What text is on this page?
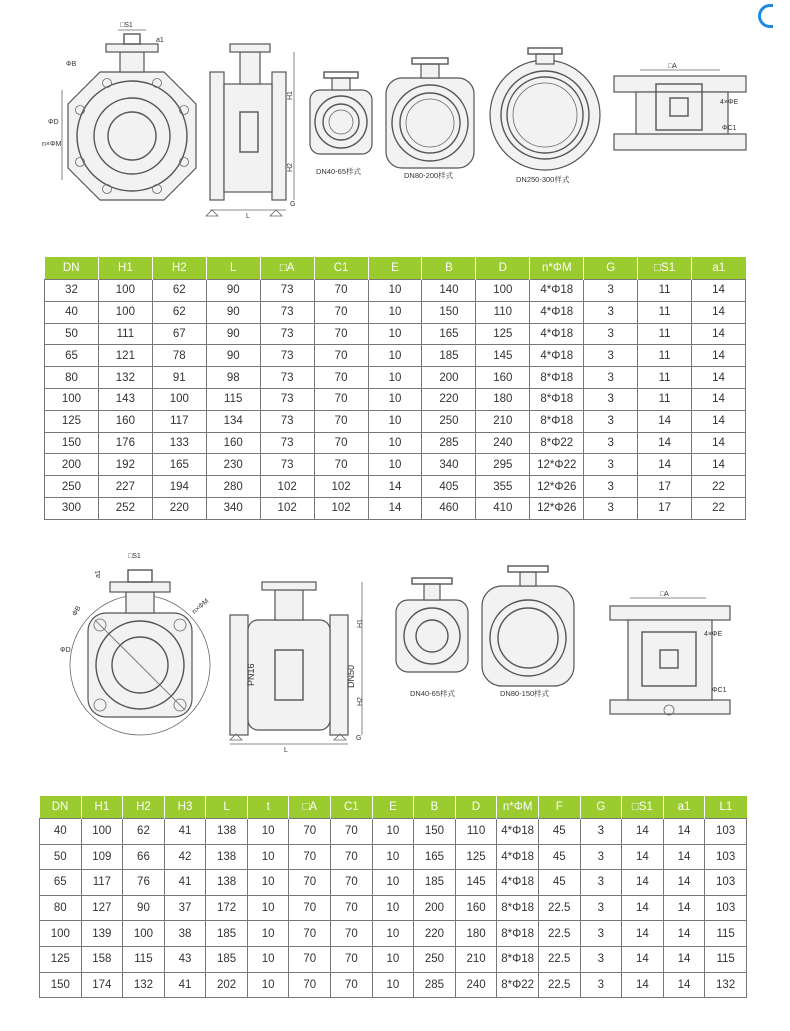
□S1
a1
ΦB
ΦD
n×ΦM
H1
H2
L
G
DN40-65样式	DN80-200样式	DN250-300样式
□A
4×ΦE
ΦC1
DN	H1	H2	L	□A	C1	E	B	D	n*ΦM	G	□S1	a1
32	100	62	90	73	70	10	140	100	4*Φ18	3	11	14
40	100	62	90	73	70	10	150	110	4*Φ18	3	11	14
50	111	67	90	73	70	10	165	125	4*Φ18	3	11	14
65	121	78	90	73	70	10	185	145	4*Φ18	3	11	14
80	132	91	98	73	70	10	200	160	8*Φ18	3	11	14
100	143	100	115	73	70	10	220	180	8*Φ18	3	11	14
125	160	117	134	73	70	10	250	210	8*Φ18	3	14	14
150	176	133	160	73	70	10	285	240	8*Φ22	3	14	14
200	192	165	230	73	70	10	340	295	12*Φ22	3	14	14
250	227	194	280	102	102	14	405	355	12*Φ26	3	17	22
300	252	220	340	102	102	14	460	410	12*Φ26	3	17	22
□S1
a1
ΦB
ΦD
n×ΦM
PN16	DN50
H1
H2
L
G
DN40-65样式	DN80-150样式
□A
4×ΦE
ΦC1
DN	H1	H2	H3	L	t	□A	C1	E	B	D	n*ΦM	F	G	□S1	a1	L1
40	100	62	41	138	10	70	70	10	150	110	4*Φ18	45	3	14	14	103
50	109	66	42	138	10	70	70	10	165	125	4*Φ18	45	3	14	14	103
65	117	76	41	138	10	70	70	10	185	145	4*Φ18	45	3	14	14	103
80	127	90	37	172	10	70	70	10	200	160	8*Φ18	22.5	3	14	14	103
100	139	100	38	185	10	70	70	10	220	180	8*Φ18	22.5	3	14	14	115
125	158	115	43	185	10	70	70	10	250	210	8*Φ18	22.5	3	14	14	115
150	174	132	41	202	10	70	70	10	285	240	8*Φ22	22.5	3	14	14	132
